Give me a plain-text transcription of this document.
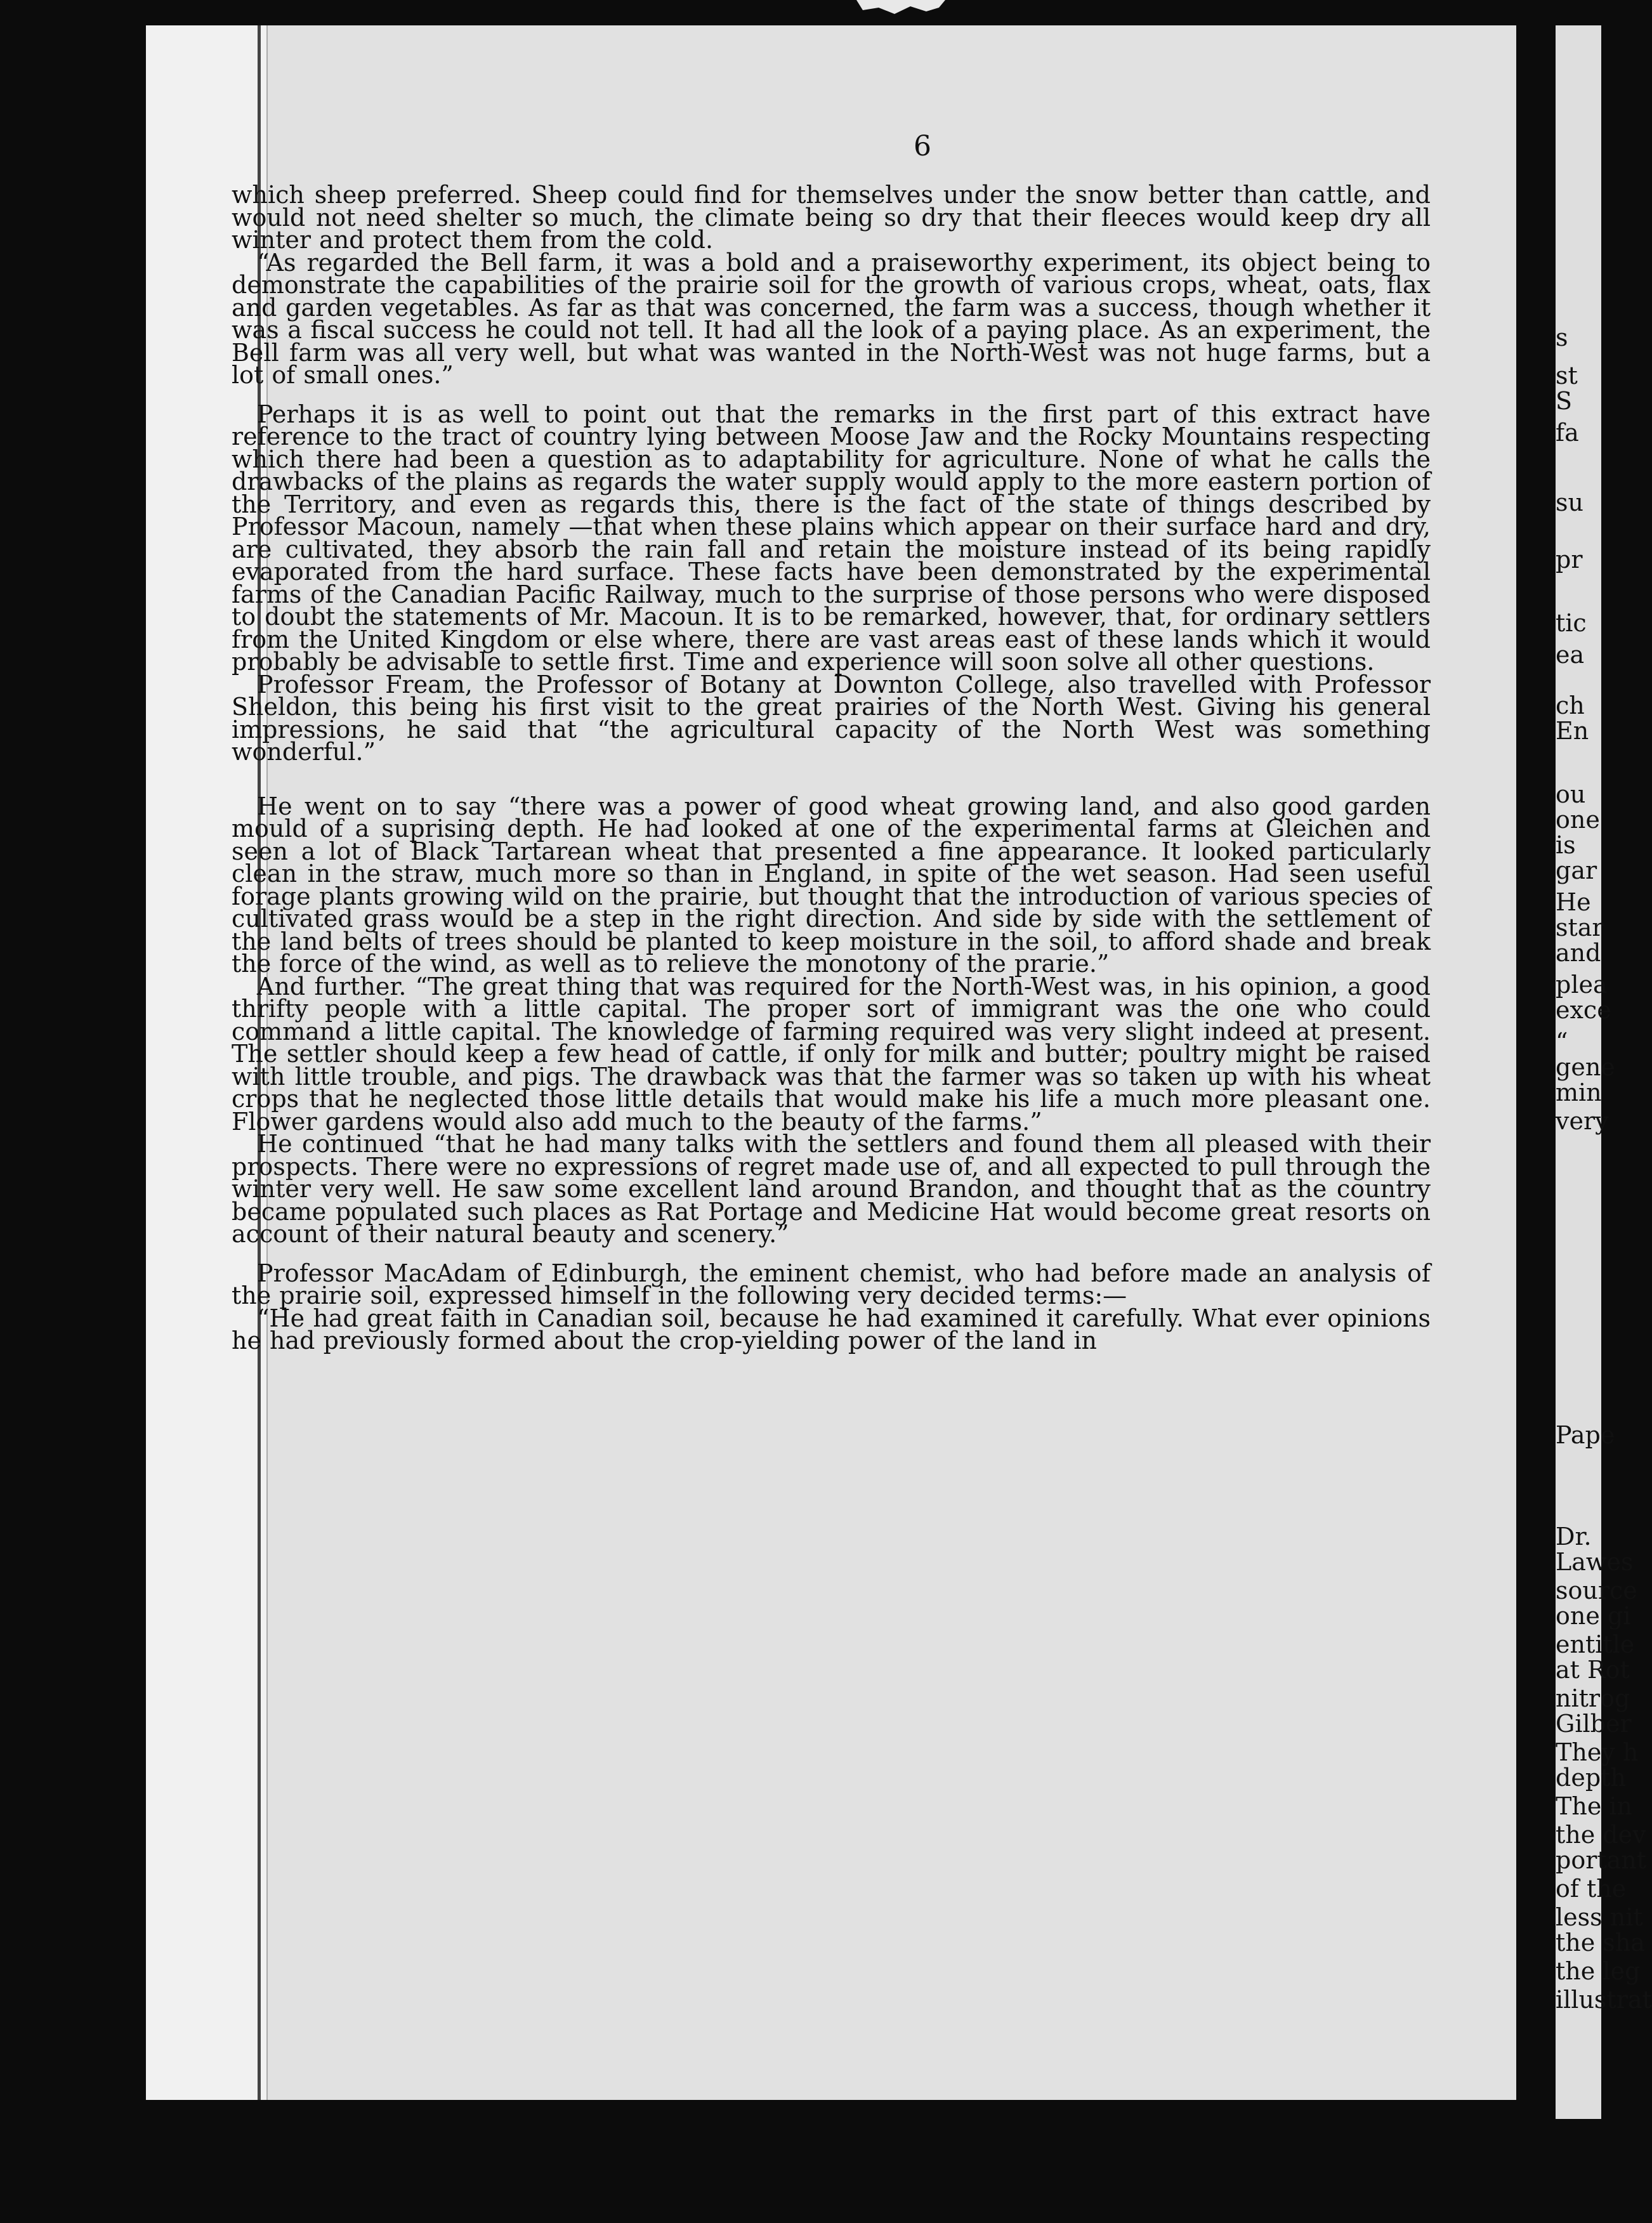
6

which sheep preferred. Sheep could find for themselves under the snow better than cattle, and would not need shelter so much, the climate being so dry that their fleeces would keep dry all winter and protect them from the cold.

“As regarded the Bell farm, it was a bold and a praiseworthy experiment, its object being to demonstrate the capabilities of the prairie soil for the growth of various crops, wheat, oats, flax and garden vegetables. As far as that was concerned, the farm was a success, though whether it was a fiscal success he could not tell. It had all the look of a paying place. As an experiment, the Bell farm was all very well, but what was wanted in the North-West was not huge farms, but a lot of small ones.”

Perhaps it is as well to point out that the remarks in the first part of this extract have reference to the tract of country lying between Moose Jaw and the Rocky Mountains respecting which there had been a question as to adaptability for agriculture. None of what he calls the drawbacks of the plains as regards the water supply would apply to the more eastern portion of the Territory, and even as regards this, there is the fact of the state of things described by Professor Macoun, namely —that when these plains which appear on their surface hard and dry, are cultivated, they absorb the rain fall and retain the moisture instead of its being rapidly evaporated from the hard surface. These facts have been demonstrated by the experimental farms of the Canadian Pacific Railway, much to the surprise of those persons who were disposed to doubt the statements of Mr. Macoun. It is to be remarked, however, that, for ordinary settlers from the United Kingdom or else where, there are vast areas east of these lands which it would probably be advisable to settle first. Time and experience will soon solve all other questions.

Professor Fream, the Professor of Botany at Downton College, also travelled with Professor Sheldon, this being his first visit to the great prairies of the North West. Giving his general impressions, he said that “the agricultural capacity of the North West was something wonderful.”

He went on to say “there was a power of good wheat growing land, and also good garden mould of a suprising depth. He had looked at one of the experimental farms at Gleichen and seen a lot of Black Tartarean wheat that presented a fine appearance. It looked particularly clean in the straw, much more so than in England, in spite of the wet season. Had seen useful forage plants growing wild on the prairie, but thought that the introduction of various species of cultivated grass would be a step in the right direction. And side by side with the settlement of the land belts of trees should be planted to keep moisture in the soil, to afford shade and break the force of the wind, as well as to relieve the monotony of the prarie.”

And further. “The great thing that was required for the North-West was, in his opinion, a good thrifty people with a little capital. The proper sort of immigrant was the one who could command a little capital. The knowledge of farming required was very slight indeed at present. The settler should keep a few head of cattle, if only for milk and butter; poultry might be raised with little trouble, and pigs. The drawback was that the farmer was so taken up with his wheat crops that he neglected those little details that would make his life a much more pleasant one. Flower gardens would also add much to the beauty of the farms.”

He continued “that he had many talks with the settlers and found them all pleased with their prospects. There were no expressions of regret made use of, and all expected to pull through the winter very well. He saw some excellent land around Brandon, and thought that as the country became populated such places as Rat Portage and Medicine Hat would become great resorts on account of their natural beauty and scenery.”

Professor MacAdam of Edinburgh, the eminent chemist, who had before made an analysis of the prairie soil, expressed himself in the following very decided terms:—

“He had great faith in Canadian soil, because he had examined it carefully. What ever opinions he had previously formed about the crop-yielding power of the land in

s
st
S
fa
su
pr
tic
ea
ch
En
ou
one
is
gar
He
star
and
plea
exce
“
gene
min
very
Pape
Dr.
Lawes
source
one gi
entitle
at Rot
nitrog
Gilber
They h
depth
The in
the dev
portant
of the
less nit
the sha
the leg
illustrat
